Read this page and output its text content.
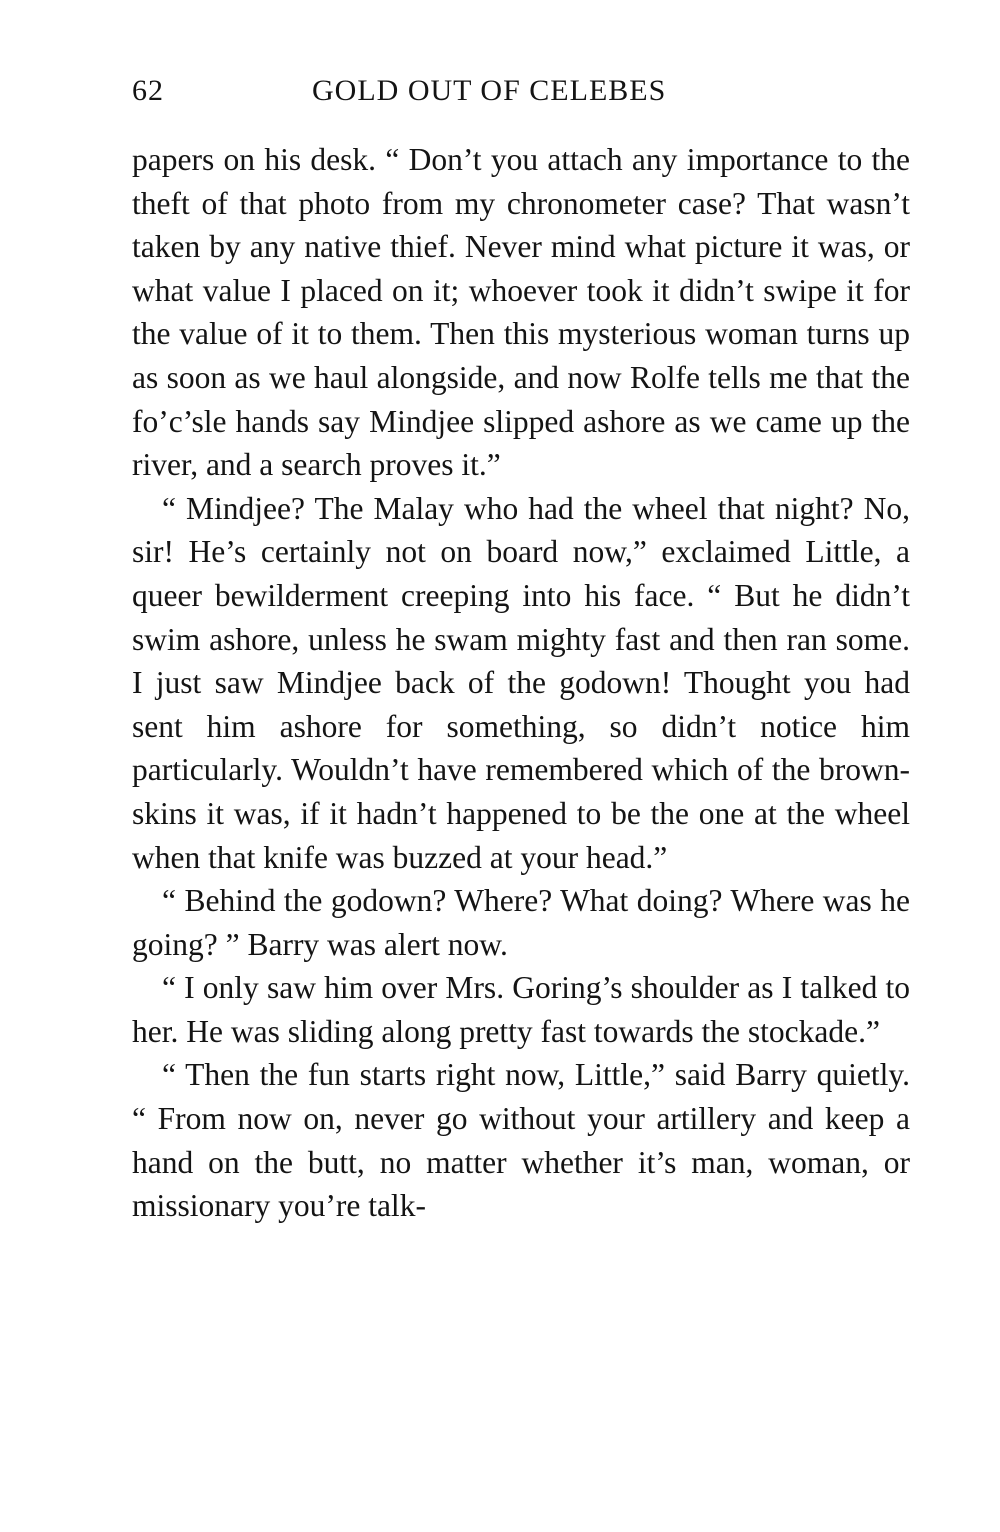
62	GOLD OUT OF CELEBES

papers on his desk. “ Don’t you attach any importance to the theft of that photo from my chronometer case? That wasn’t taken by any native thief. Never mind what picture it was, or what value I placed on it; whoever took it didn’t swipe it for the value of it to them. Then this mysterious woman turns up as soon as we haul alongside, and now Rolfe tells me that the fo’c’sle hands say Mindjee slipped ashore as we came up the river, and a search proves it.”

“ Mindjee? The Malay who had the wheel that night? No, sir! He’s certainly not on board now,” exclaimed Little, a queer bewilderment creeping into his face. “ But he didn’t swim ashore, unless he swam mighty fast and then ran some. I just saw Mindjee back of the godown! Thought you had sent him ashore for something, so didn’t notice him particularly. Wouldn’t have remembered which of the brown-skins it was, if it hadn’t happened to be the one at the wheel when that knife was buzzed at your head.”

“ Behind the godown? Where? What doing? Where was he going? ” Barry was alert now.

“ I only saw him over Mrs. Goring’s shoulder as I talked to her. He was sliding along pretty fast towards the stockade.”

“ Then the fun starts right now, Little,” said Barry quietly. “ From now on, never go without your artillery and keep a hand on the butt, no matter whether it’s man, woman, or missionary you’re talk-
